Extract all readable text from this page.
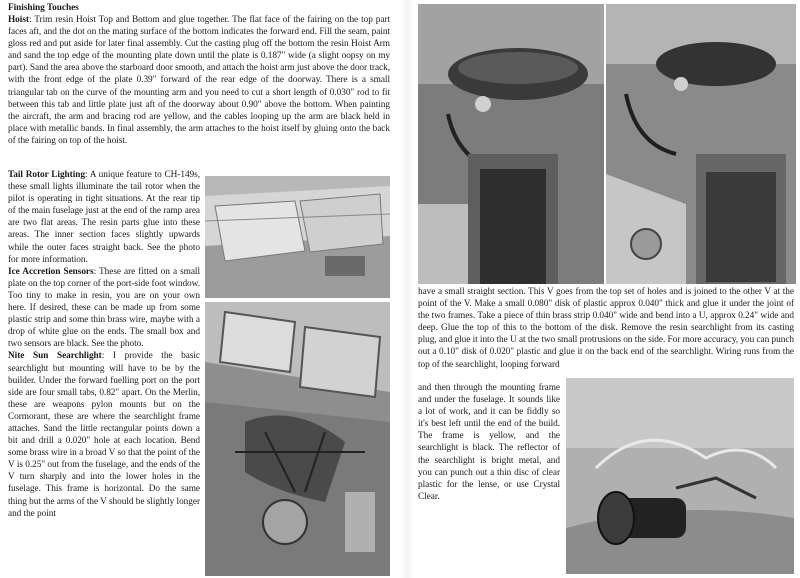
Finishing Touches
Hoist: Trim resin Hoist Top and Bottom and glue together. The flat face of the fairing on the top part faces aft, and the dot on the mating surface of the bottom indicates the forward end. Fill the seam, paint gloss red and put aside for later final assembly. Cut the casting plug off the bottom the resin Hoist Arm and sand the top edge of the mounting plate down until the plate is 0.187" wide (a slight oopsy on my part). Sand the area above the starboard door smooth, and attach the hoist arm just above the door track, with the front edge of the plate 0.39" forward of the rear edge of the doorway. There is a small triangular tab on the curve of the mounting arm and you need to cut a short length of 0.030" rod to fit between this tab and little plate just aft of the doorway about 0.90" above the bottom. When painting the aircraft, the arm and bracing rod are yellow, and the cables looping up the arm are black held in place with metallic bands. In final assembly, the arm attaches to the hoist itself by gluing onto the back of the fairing on top of the hoist.
Tail Rotor Lighting: A unique feature to CH-149s, these small lights illuminate the tail rotor when the pilot is operating in tight situations. At the rear tip of the main fuselage just at the end of the ramp area are two flat areas. The resin parts glue into these areas. The inner section faces slightly upwards while the outer faces straight back. See the photo for more information.
Ice Accretion Sensors: These are fitted on a small plate on the top corner of the port-side foot window. Too tiny to make in resin, you are on your own here. If desired, these can be made up from some plastic strip and some thin brass wire, maybe with a drop of white glue on the ends. The small box and two sensors are black. See the photo.
Nite Sun Searchlight: I provide the basic searchlight but mounting will have to be by the builder. Under the forward fuelling port on the port side are four small tabs, 0.82" apart. On the Merlin, these are weapons pylon mounts but on the Cormorant, these are where the searchlight frame attaches. Sand the little rectangular points down a bit and drill a 0.020" hole at each location. Bend some brass wire in a broad V so that the point of the V is 0.25" out from the fuselage, and the ends of the V turn sharply and into the lower holes in the fuselage. This frame is horizontal. Do the same thing but the arms of the V should be slightly longer and the point
have a small straight section. This V goes from the top set of holes and is joined to the other V at the point of the V. Make a small 0.080" disk of plastic approx 0.040" thick and glue it under the joint of the two frames. Take a piece of thin brass strip 0.040" wide and bend into a U, approx 0.24" wide and deep. Glue the top of this to the bottom of the disk. Remove the resin searchlight from its casting plug, and glue it into the U at the two small protrusions on the side. For more accuracy, you can punch out a 0.10" disk of 0.020" plastic and glue it on the back end of the searchlight. Wiring runs from the top of the searchlight, looping forward
and then through the mounting frame and under the fuselage. It sounds like a lot of work, and it can be fiddly so it's best left until the end of the build. The frame is yellow, and the searchlight is black. The reflector of the searchlight is bright metal, and you can punch out a thin disc of clear plastic for the lense, or use Crystal Clear.
